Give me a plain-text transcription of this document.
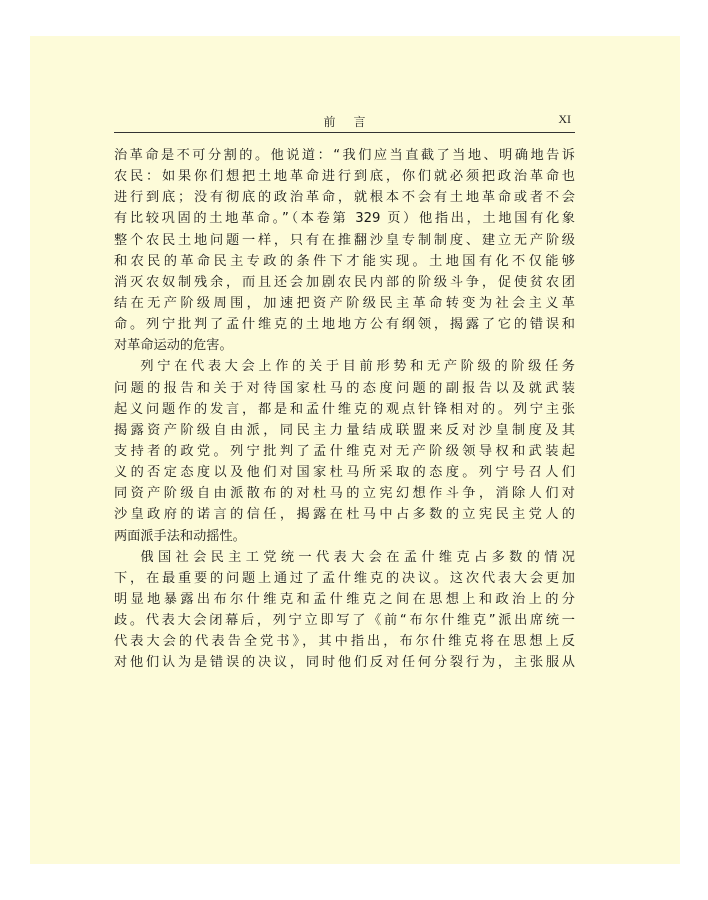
前言	XI
治革命是不可分割的。他说道：“我们应当直截了当地、明确地告诉
农民：如果你们想把土地革命进行到底，你们就必须把政治革命也
进行到底；没有彻底的政治革命，就根本不会有土地革命或者不会
有比较巩固的土地革命。”（本卷第 329 页）他指出，土地国有化象
整个农民土地问题一样，只有在推翻沙皇专制制度、建立无产阶级
和农民的革命民主专政的条件下才能实现。土地国有化不仅能够
消灭农奴制残余，而且还会加剧农民内部的阶级斗争，促使贫农团
结在无产阶级周围，加速把资产阶级民主革命转变为社会主义革
命。列宁批判了孟什维克的土地地方公有纲领，揭露了它的错误和
对革命运动的危害。
列宁在代表大会上作的关于目前形势和无产阶级的阶级任务
问题的报告和关于对待国家杜马的态度问题的副报告以及就武装
起义问题作的发言，都是和孟什维克的观点针锋相对的。列宁主张
揭露资产阶级自由派，同民主力量结成联盟来反对沙皇制度及其
支持者的政党。列宁批判了孟什维克对无产阶级领导权和武装起
义的否定态度以及他们对国家杜马所采取的态度。列宁号召人们
同资产阶级自由派散布的对杜马的立宪幻想作斗争，消除人们对
沙皇政府的诺言的信任，揭露在杜马中占多数的立宪民主党人的
两面派手法和动摇性。
俄国社会民主工党统一代表大会在孟什维克占多数的情况
下，在最重要的问题上通过了孟什维克的决议。这次代表大会更加
明显地暴露出布尔什维克和孟什维克之间在思想上和政治上的分
歧。代表大会闭幕后，列宁立即写了《前“布尔什维克”派出席统一
代表大会的代表告全党书》，其中指出，布尔什维克将在思想上反
对他们认为是错误的决议，同时他们反对任何分裂行为，主张服从
